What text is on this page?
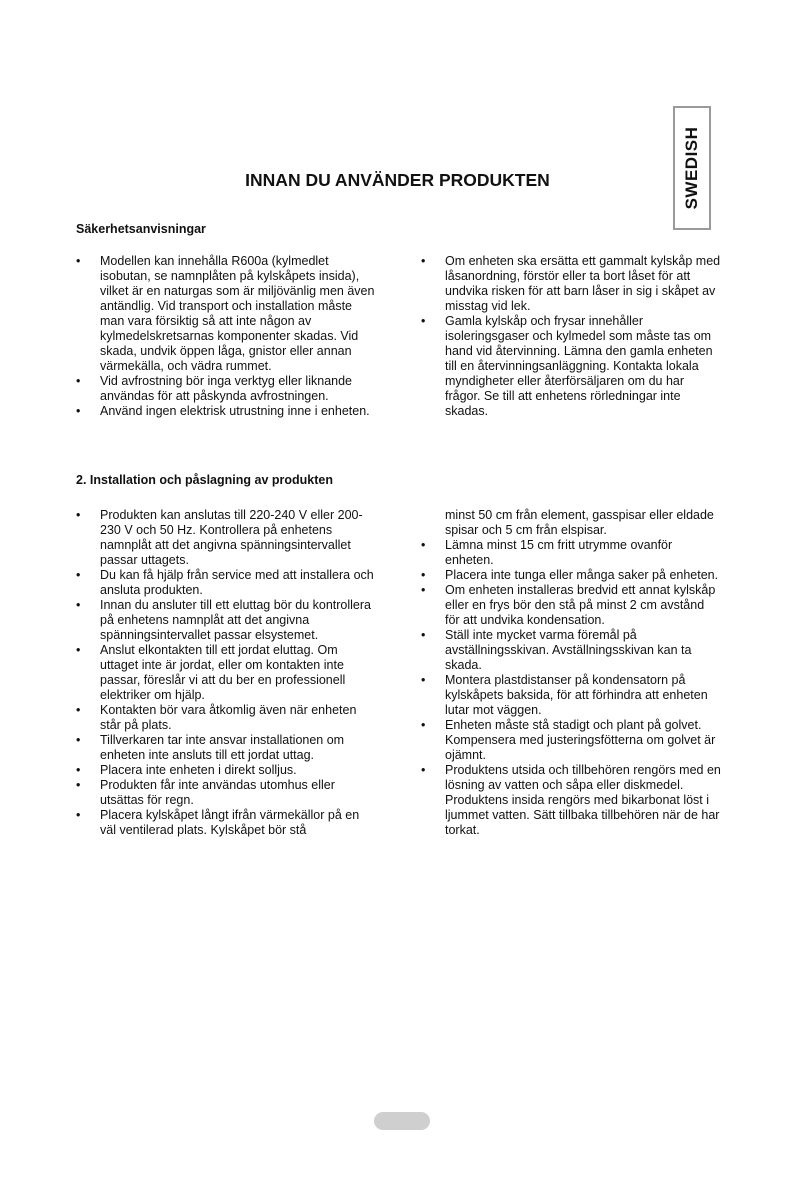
SWEDISH
INNAN DU ANVÄNDER PRODUKTEN
Säkerhetsanvisningar
• Modellen kan innehålla R600a (kylmedlet isobutan, se namnplåten på kylskåpets insida), vilket är en naturgas som är miljövänlig men även antändlig. Vid transport och installation måste man vara försiktig så att inte någon av kylmedelskretsarnas komponenter skadas. Vid skada, undvik öppen låga, gnistor eller annan värmekälla, och vädra rummet.
• Vid avfrostning bör inga verktyg eller liknande användas för att påskynda avfrostningen.
• Använd ingen elektrisk utrustning inne i enheten.
• Om enheten ska ersätta ett gammalt kylskåp med låsanordning, förstör eller ta bort låset för att undvika risken för att barn låser in sig i skåpet av misstag vid lek.
• Gamla kylskåp och frysar innehåller isoleringsgaser och kylmedel som måste tas om hand vid återvinning. Lämna den gamla enheten till en återvinningsanläggning. Kontakta lokala myndigheter eller återförsäljaren om du har frågor. Se till att enhetens rörledningar inte skadas.
2. Installation och påslagning av produkten
• Produkten kan anslutas till 220-240 V eller 200-230 V och 50 Hz. Kontrollera på enhetens namnplåt att det angivna spänningsintervallet passar uttagets.
• Du kan få hjälp från service med att installera och ansluta produkten.
• Innan du ansluter till ett eluttag bör du kontrollera på enhetens namnplåt att det angivna spänningsintervallet passar elsystemet.
• Anslut elkontakten till ett jordat eluttag. Om uttaget inte är jordat, eller om kontakten inte passar, föreslår vi att du ber en professionell elektriker om hjälp.
• Kontakten bör vara åtkomlig även när enheten står på plats.
• Tillverkaren tar inte ansvar installationen om enheten inte ansluts till ett jordat uttag.
• Placera inte enheten i direkt solljus.
• Produkten får inte användas utomhus eller utsättas för regn.
• Placera kylskåpet långt ifrån värmekällor på en väl ventilerad plats. Kylskåpet bör stå
minst 50 cm från element, gasspisar eller eldade spisar och 5 cm från elspisar.
• Lämna minst 15 cm fritt utrymme ovanför enheten.
• Placera inte tunga eller många saker på enheten.
• Om enheten installeras bredvid ett annat kylskåp eller en frys bör den stå på minst 2 cm avstånd för att undvika kondensation.
• Ställ inte mycket varma föremål på avställningsskivan. Avställningsskivan kan ta skada.
• Montera plastdistanser på kondensatorn på kylskåpets baksida, för att förhindra att enheten lutar mot väggen.
• Enheten måste stå stadigt och plant på golvet. Kompensera med justeringsfötterna om golvet är ojämnt.
• Produktens utsida och tillbehören rengörs med en lösning av vatten och såpa eller diskmedel. Produktens insida rengörs med bikarbonat löst i ljummet vatten. Sätt tillbaka tillbehören när de har torkat.
